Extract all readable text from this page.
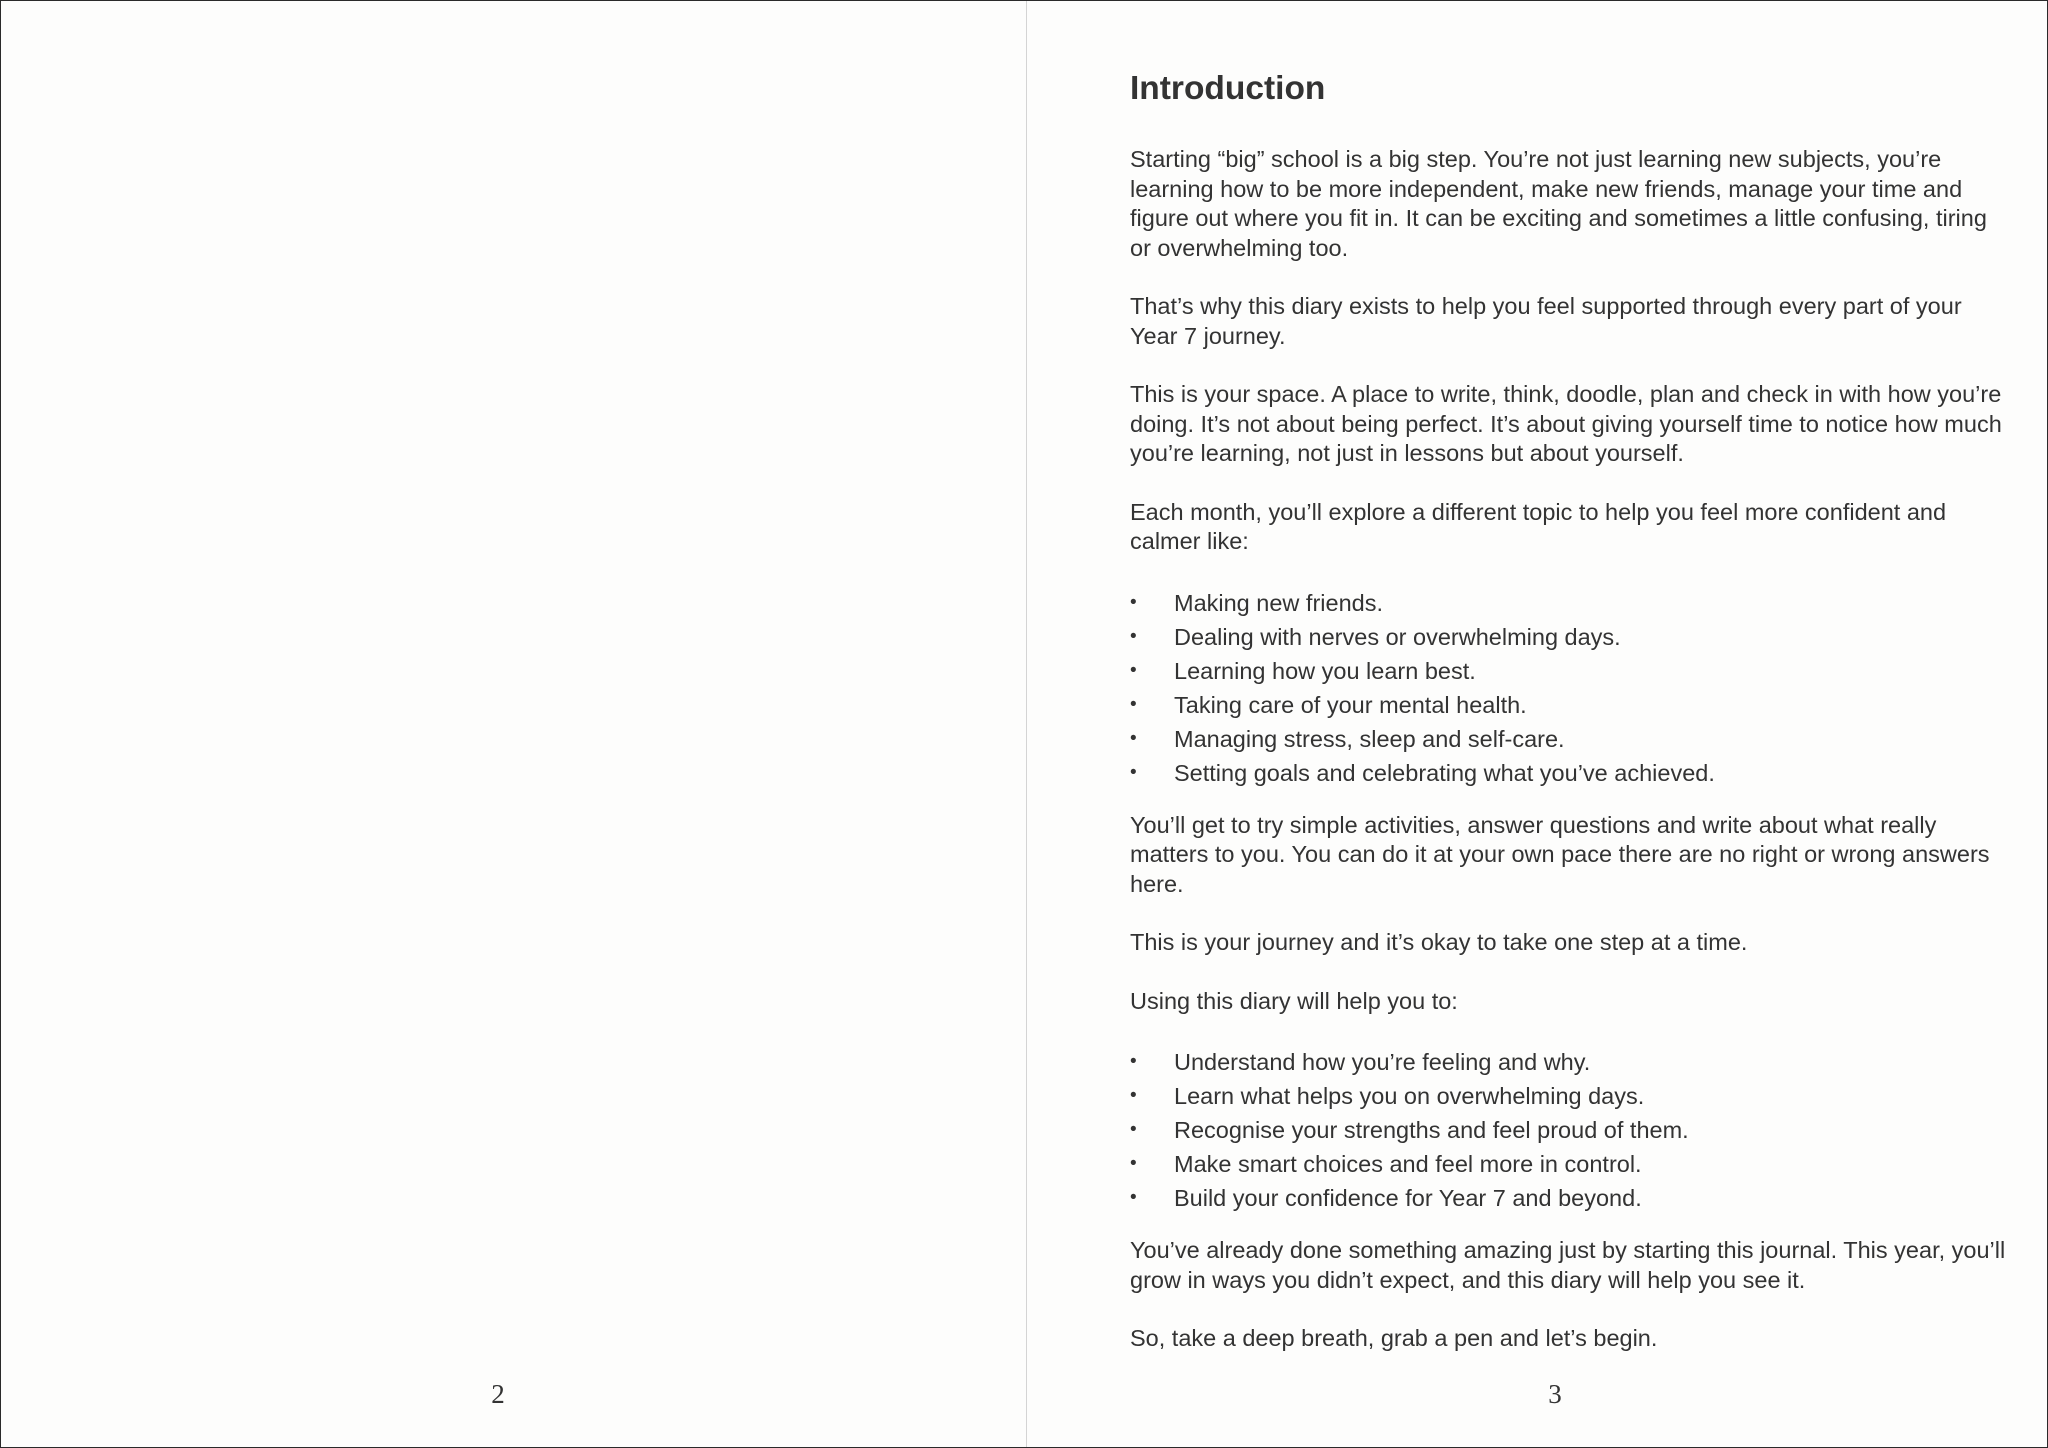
2
Introduction

Starting “big” school is a big step. You’re not just learning new subjects, you’re learning how to be more independent, make new friends, manage your time and figure out where you fit in. It can be exciting and sometimes a little confusing, tiring or overwhelming too.

That’s why this diary exists to help you feel supported through every part of your Year 7 journey.

This is your space. A place to write, think, doodle, plan and check in with how you’re doing. It’s not about being perfect. It’s about giving yourself time to notice how much you’re learning, not just in lessons but about yourself.

Each month, you’ll explore a different topic to help you feel more confident and calmer like:

• Making new friends.
• Dealing with nerves or overwhelming days.
• Learning how you learn best.
• Taking care of your mental health.
• Managing stress, sleep and self-care.
• Setting goals and celebrating what you’ve achieved.

You’ll get to try simple activities, answer questions and write about what really matters to you. You can do it at your own pace there are no right or wrong answers here.

This is your journey and it’s okay to take one step at a time.

Using this diary will help you to:

• Understand how you’re feeling and why.
• Learn what helps you on overwhelming days.
• Recognise your strengths and feel proud of them.
• Make smart choices and feel more in control.
• Build your confidence for Year 7 and beyond.

You’ve already done something amazing just by starting this journal. This year, you’ll grow in ways you didn’t expect, and this diary will help you see it.

So, take a deep breath, grab a pen and let’s begin.

3
